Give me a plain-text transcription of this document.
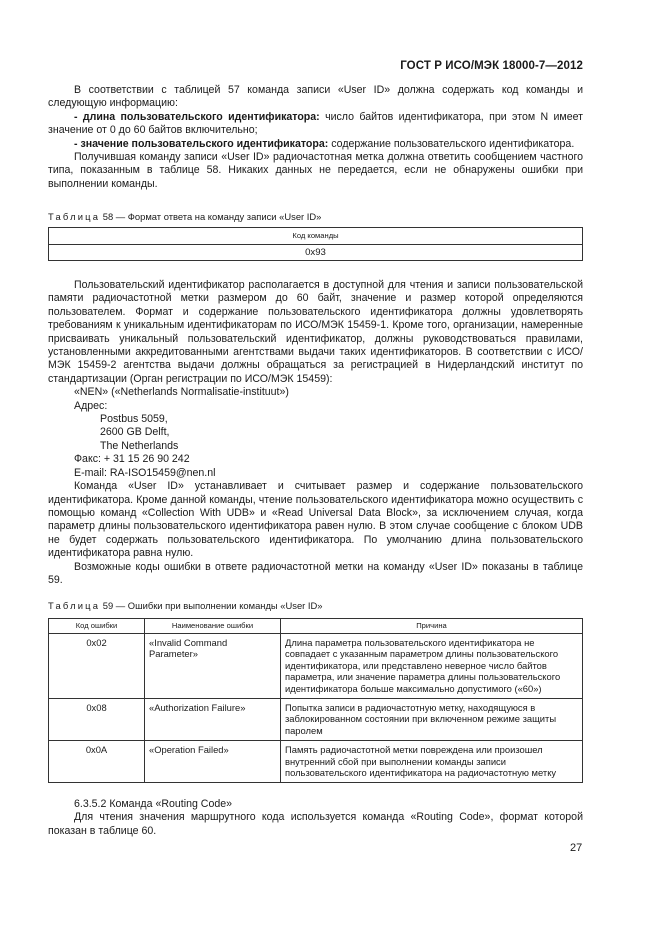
ГОСТ Р ИСО/МЭК 18000-7—2012

В соответствии с таблицей 57 команда записи «User ID» должна содержать код команды и следующую информацию:

- длина пользовательского идентификатора: число байтов идентификатора, при этом N имеет значение от 0 до 60 байтов включительно;

- значение пользовательского идентификатора: содержание пользовательского идентификатора.

Получившая команду записи «User ID» радиочастотная метка должна ответить сообщением частного типа, показанным в таблице 58. Никаких данных не передается, если не обнаружены ошибки при выполнении команды.

Таблица 58 — Формат ответа на команду записи «User ID»

Код команды
0x93

Пользовательский идентификатор располагается в доступной для чтения и записи пользовательской памяти радиочастотной метки размером до 60 байт, значение и размер которой определяются пользователем. Формат и содержание пользовательского идентификатора должны удовлетворять требованиям к уникальным идентификаторам по ИСО/МЭК 15459-1. Кроме того, организации, намеренные присваивать уникальный пользовательский идентификатор, должны руководствоваться правилами, установленными аккредитованными агентствами выдачи таких идентификаторов. В соответствии с ИСО/МЭК 15459-2 агентства выдачи должны обращаться за регистрацией в Нидерландский институт по стандартизации (Орган регистрации по ИСО/МЭК 15459):

«NEN» («Netherlands Normalisatie-instituut»)

Адрес:

Postbus 5059,

2600 GB Delft,

The Netherlands

Факс: + 31 15 26 90 242

E-mail: RA-ISO15459@nen.nl

Команда «User ID» устанавливает и считывает размер и содержание пользовательского идентификатора. Кроме данной команды, чтение пользовательского идентификатора можно осуществить с помощью команд «Collection With UDB» и «Read Universal Data Block», за исключением случая, когда параметр длины пользовательского идентификатора равен нулю. В этом случае сообщение с блоком UDB не будет содержать пользовательского идентификатора. По умолчанию длина пользовательского идентификатора равна нулю.

Возможные коды ошибки в ответе радиочастотной метки на команду «User ID» показаны в таблице 59.

Таблица 59 — Ошибки при выполнении команды «User ID»

Код ошибки	Наименование ошибки	Причина
0x02	«Invalid Command Parameter»	Длина параметра пользовательского идентификатора не совпадает с указанным параметром длины пользовательского идентификатора, или представлено неверное число байтов параметра, или значение параметра длины пользовательского идентификатора больше максимально допустимого («60»)
0x08	«Authorization Failure»	Попытка записи в радиочастотную метку, находящуюся в заблокированном состоянии при включенном режиме защиты паролем
0x0A	«Operation Failed»	Память радиочастотной метки повреждена или произошел внутренний сбой при выполнении команды записи пользовательского идентификатора на радиочастотную метку

6.3.5.2 Команда «Routing Code»

Для чтения значения маршрутного кода используется команда «Routing Code», формат которой показан в таблице 60.

27
